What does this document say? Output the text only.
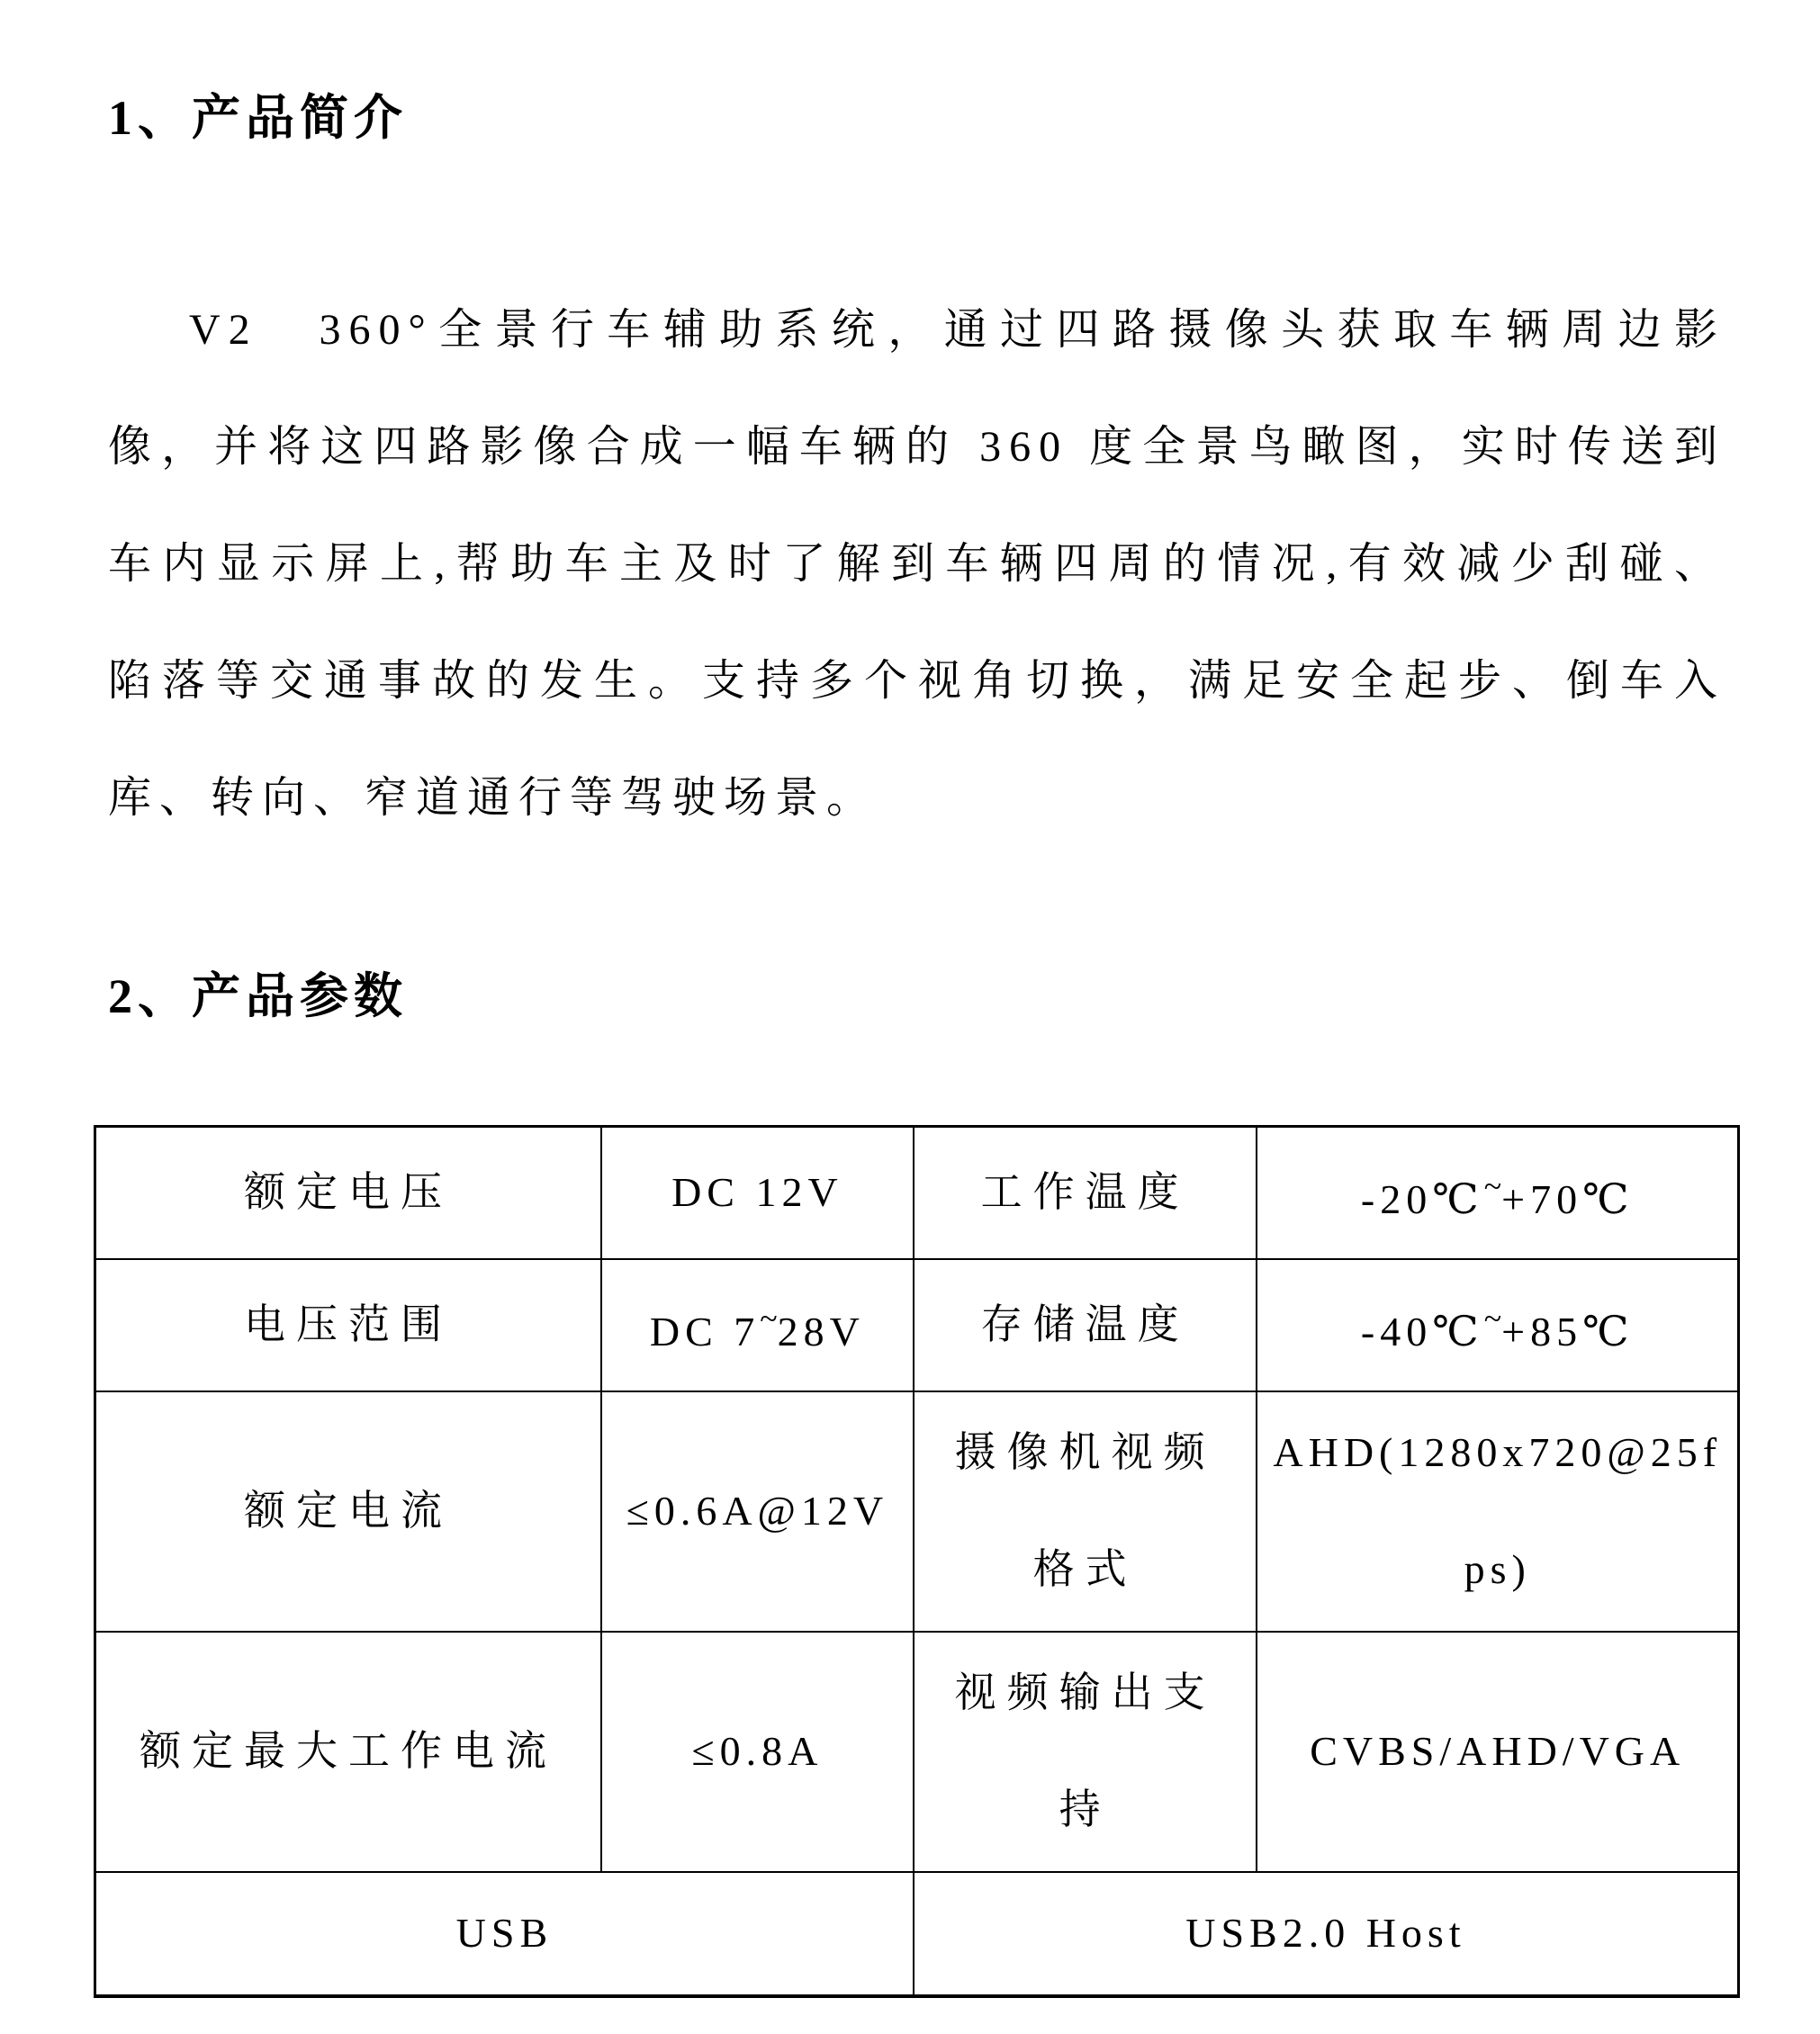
1、产品简介
V2　360°全景行车辅助系统，通过四路摄像头获取车辆周边影
像，并将这四路影像合成一幅车辆的 360 度全景鸟瞰图，实时传送到
车内显示屏上,帮助车主及时了解到车辆四周的情况,有效减少刮碰、
陷落等交通事故的发生。支持多个视角切换，满足安全起步、倒车入
库、转向、窄道通行等驾驶场景。
2、产品参数
额定电压	DC 12V	工作温度	-20℃~+70℃
电压范围	DC 7~28V	存储温度	-40℃~+85℃
额定电流	≤0.6A@12V	摄像机视频格式	AHD(1280x720@25fps)
额定最大工作电流	≤0.8A	视频输出支持	CVBS/AHD/VGA
USB		USB2.0 Host	
